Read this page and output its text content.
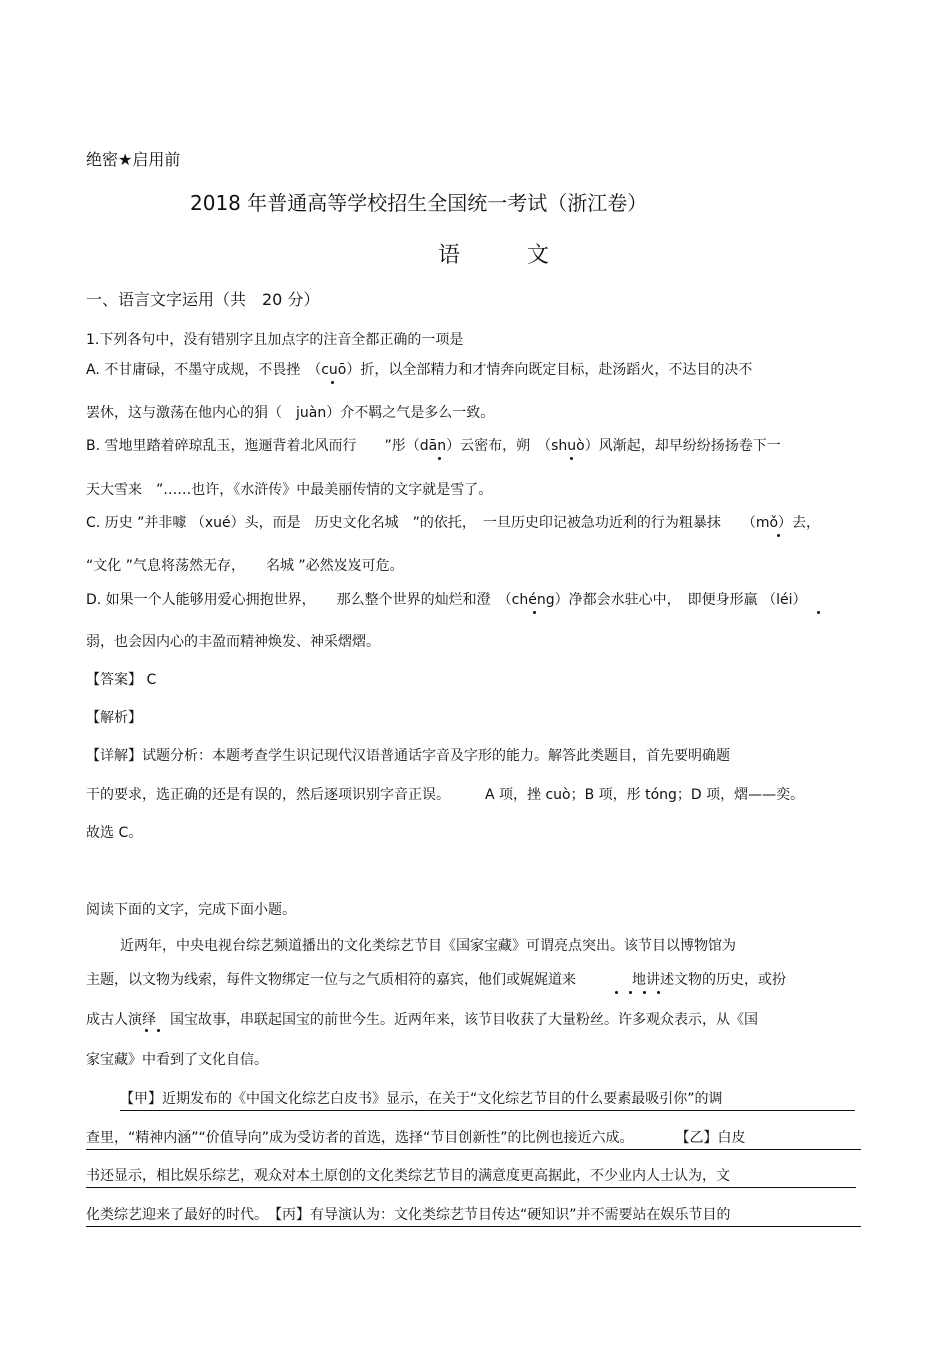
绝密★启用前
2018 年普通高等学校招生全国统一考试（浙江卷）
语 文
一、语言文字运用（共　20 分）
1.下列各句中，没有错别字且加点字的注音全都正确的一项是
A. 不甘庸碌，不墨守成规，不畏挫　（cuō）折，以全部精力和才情奔向既定目标，赴汤蹈火，不达目的决不
罢休，这与激荡在他内心的狷（　juàn）介不羁之气是多么一致。
B. 雪地里踏着碎琼乱玉，迤逦背着北风而行　　”彤（dān）云密布，朔　（shuò）风渐起，却早纷纷扬扬卷下一
天大雪来　”……也许，《水浒传》中最美丽传情的文字就是雪了。
C. 历史 ”并非噱 （xué）头，而是　历史文化名城　”的依托，　一旦历史印记被急功近利的行为粗暴抹　　（mǒ）去，
“文化 ”气息将荡然无存，　　名城 ”必然岌岌可危。
D. 如果一个人能够用爱心拥抱世界，　　那么整个世界的灿烂和澄　（chéng）净都会水驻心中，　即便身形羸 （léi）
弱，也会因内心的丰盈而精神焕发、神采熠熠。
【答案】 C
【解析】
【详解】试题分析：本题考查学生识记现代汉语普通话字音及字形的能力。解答此类题目，首先要明确题
干的要求，选正确的还是有误的，然后逐项识别字音正误。　　　A 项，挫 cuò；B 项，彤 tóng；D 项，熠——奕。
故选 C。
阅读下面的文字，完成下面小题。
近两年，中央电视台综艺频道播出的文化类综艺节目《国家宝藏》可谓亮点突出。该节目以博物馆为
主题，以文物为线索，每件文物绑定一位与之气质相符的嘉宾，他们或娓娓道来　　　　地讲述文物的历史，或扮
成古人演绎　国宝故事，串联起国宝的前世今生。近两年来，该节目收获了大量粉丝。许多观众表示，从《国
家宝藏》中看到了文化自信。
【甲】近期发布的《中国文化综艺白皮书》显示，在关于“文化综艺节目的什么要素最吸引你”的调
查里，“精神内涵”“价值导向”成为受访者的首选，选择“节目创新性”的比例也接近六成。　　　　【乙】白皮
书还显示，相比娱乐综艺，观众对本土原创的文化类综艺节目的满意度更高据此，不少业内人士认为，文
化类综艺迎来了最好的时代。　【丙】有导演认为：文化类综艺节目传达“硬知识”并不需要站在娱乐节目的
